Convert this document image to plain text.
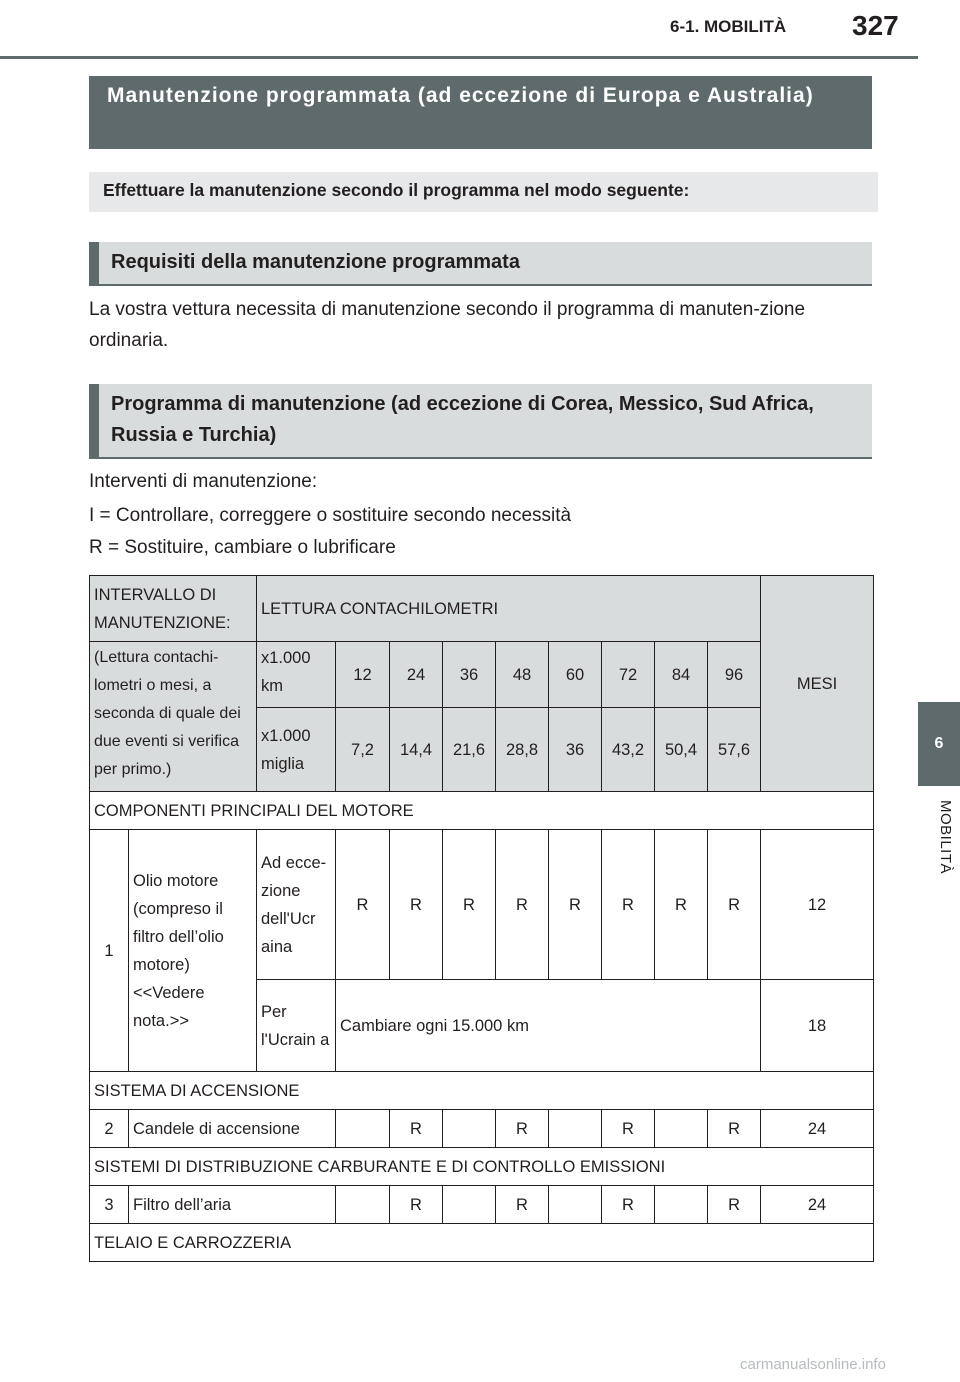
6-1. MOBILITÀ 327
6
MOBILITÀ
Manutenzione programmata (ad eccezione di Europa e Australia)
Effettuare la manutenzione secondo il programma nel modo seguente:
Requisiti della manutenzione programmata
La vostra vettura necessita di manutenzione secondo il programma di manuten-zione ordinaria.
Programma di manutenzione (ad eccezione di Corea, Messico, Sud Africa, Russia e Turchia)
Interventi di manutenzione:
I = Controllare, correggere o sostituire secondo necessità
R = Sostituire, cambiare o lubrificare
INTERVALLO DI MANUTENZIONE:		LETTURA CONTACHILOMETRI									MESI
(Lettura contachi-lometri o mesi, a seconda di quale dei due eventi si verifica per primo.)		x1.000 km	12	24	36	48	60	72	84	96	
		x1.000 miglia	7,2	14,4	21,6	28,8	36	43,2	50,4	57,6	
COMPONENTI PRINCIPALI DEL MOTORE											
1	Olio motore (compreso il filtro dell’olio motore) <<Vedere nota.>>	Ad ecce-zione dell'Ucr aina	R	R	R	R	R	R	R	R	12
		Per l'Ucrain a	Cambiare ogni 15.000 km								18
SISTEMA DI ACCENSIONE											
2	Candele di accensione			R		R		R		R	24
SISTEMI DI DISTRIBUZIONE CARBURANTE E DI CONTROLLO EMISSIONI											
3	Filtro dell’aria			R		R		R		R	24
TELAIO E CARROZZERIA											
carmanualsonline.info
